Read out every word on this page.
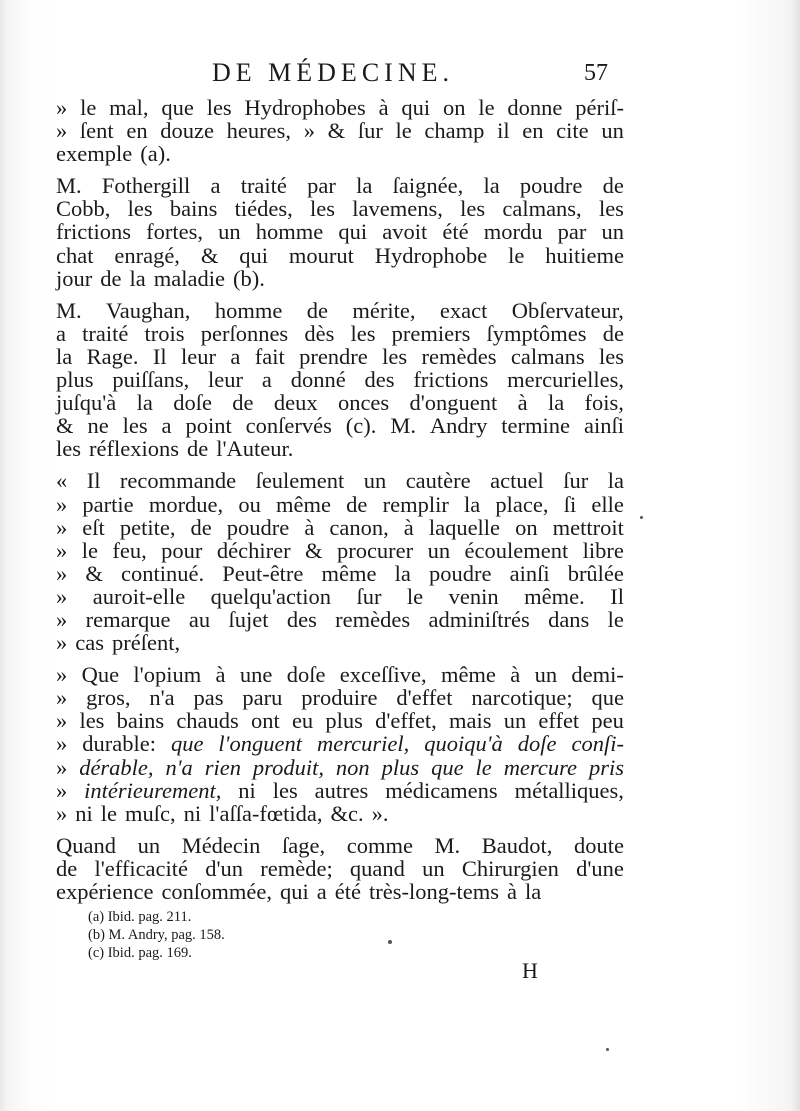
DE MÉDECINE.	57
» le mal, que les Hydrophobes à qui on le donne périſ-
» ſent en douze heures, » & ſur le champ il en cite un
exemple (a).
M. Fothergill a traité par la ſaignée, la poudre de
Cobb, les bains tiédes, les lavemens, les calmans, les
frictions fortes, un homme qui avoit été mordu par un
chat enragé, & qui mourut Hydrophobe le huitieme
jour de la maladie (b).
M. Vaughan, homme de mérite, exact Obſervateur,
a traité trois perſonnes dès les premiers ſymptômes de
la Rage. Il leur a fait prendre les remèdes calmans les
plus puiſſans, leur a donné des frictions mercurielles,
juſqu'à la doſe de deux onces d'onguent à la fois,
& ne les a point conſervés (c). M. Andry termine ainſi
les réflexions de l'Auteur.
« Il recommande ſeulement un cautère actuel ſur la
» partie mordue, ou même de remplir la place, ſi elle
» eſt petite, de poudre à canon, à laquelle on mettroit
» le feu, pour déchirer & procurer un écoulement libre
» & continué. Peut-être même la poudre ainſi brûlée
» auroit-elle quelqu'action ſur le venin même. Il
» remarque au ſujet des remèdes adminiſtrés dans le
» cas préſent,
» Que l'opium à une doſe exceſſive, même à un demi-
» gros, n'a pas paru produire d'effet narcotique; que
» les bains chauds ont eu plus d'effet, mais un effet peu
» durable: que l'onguent mercuriel, quoiqu'à doſe conſi-
» dérable, n'a rien produit, non plus que le mercure pris
» intérieurement, ni les autres médicamens métalliques,
» ni le muſc, ni l'aſſa-fœtida, &c. ».
Quand un Médecin ſage, comme M. Baudot, doute
de l'efficacité d'un remède; quand un Chirurgien d'une
expérience conſommée, qui a été très-long-tems à la
(a) Ibid. pag. 211.
(b) M. Andry, pag. 158.
(c) Ibid. pag. 169.
H
